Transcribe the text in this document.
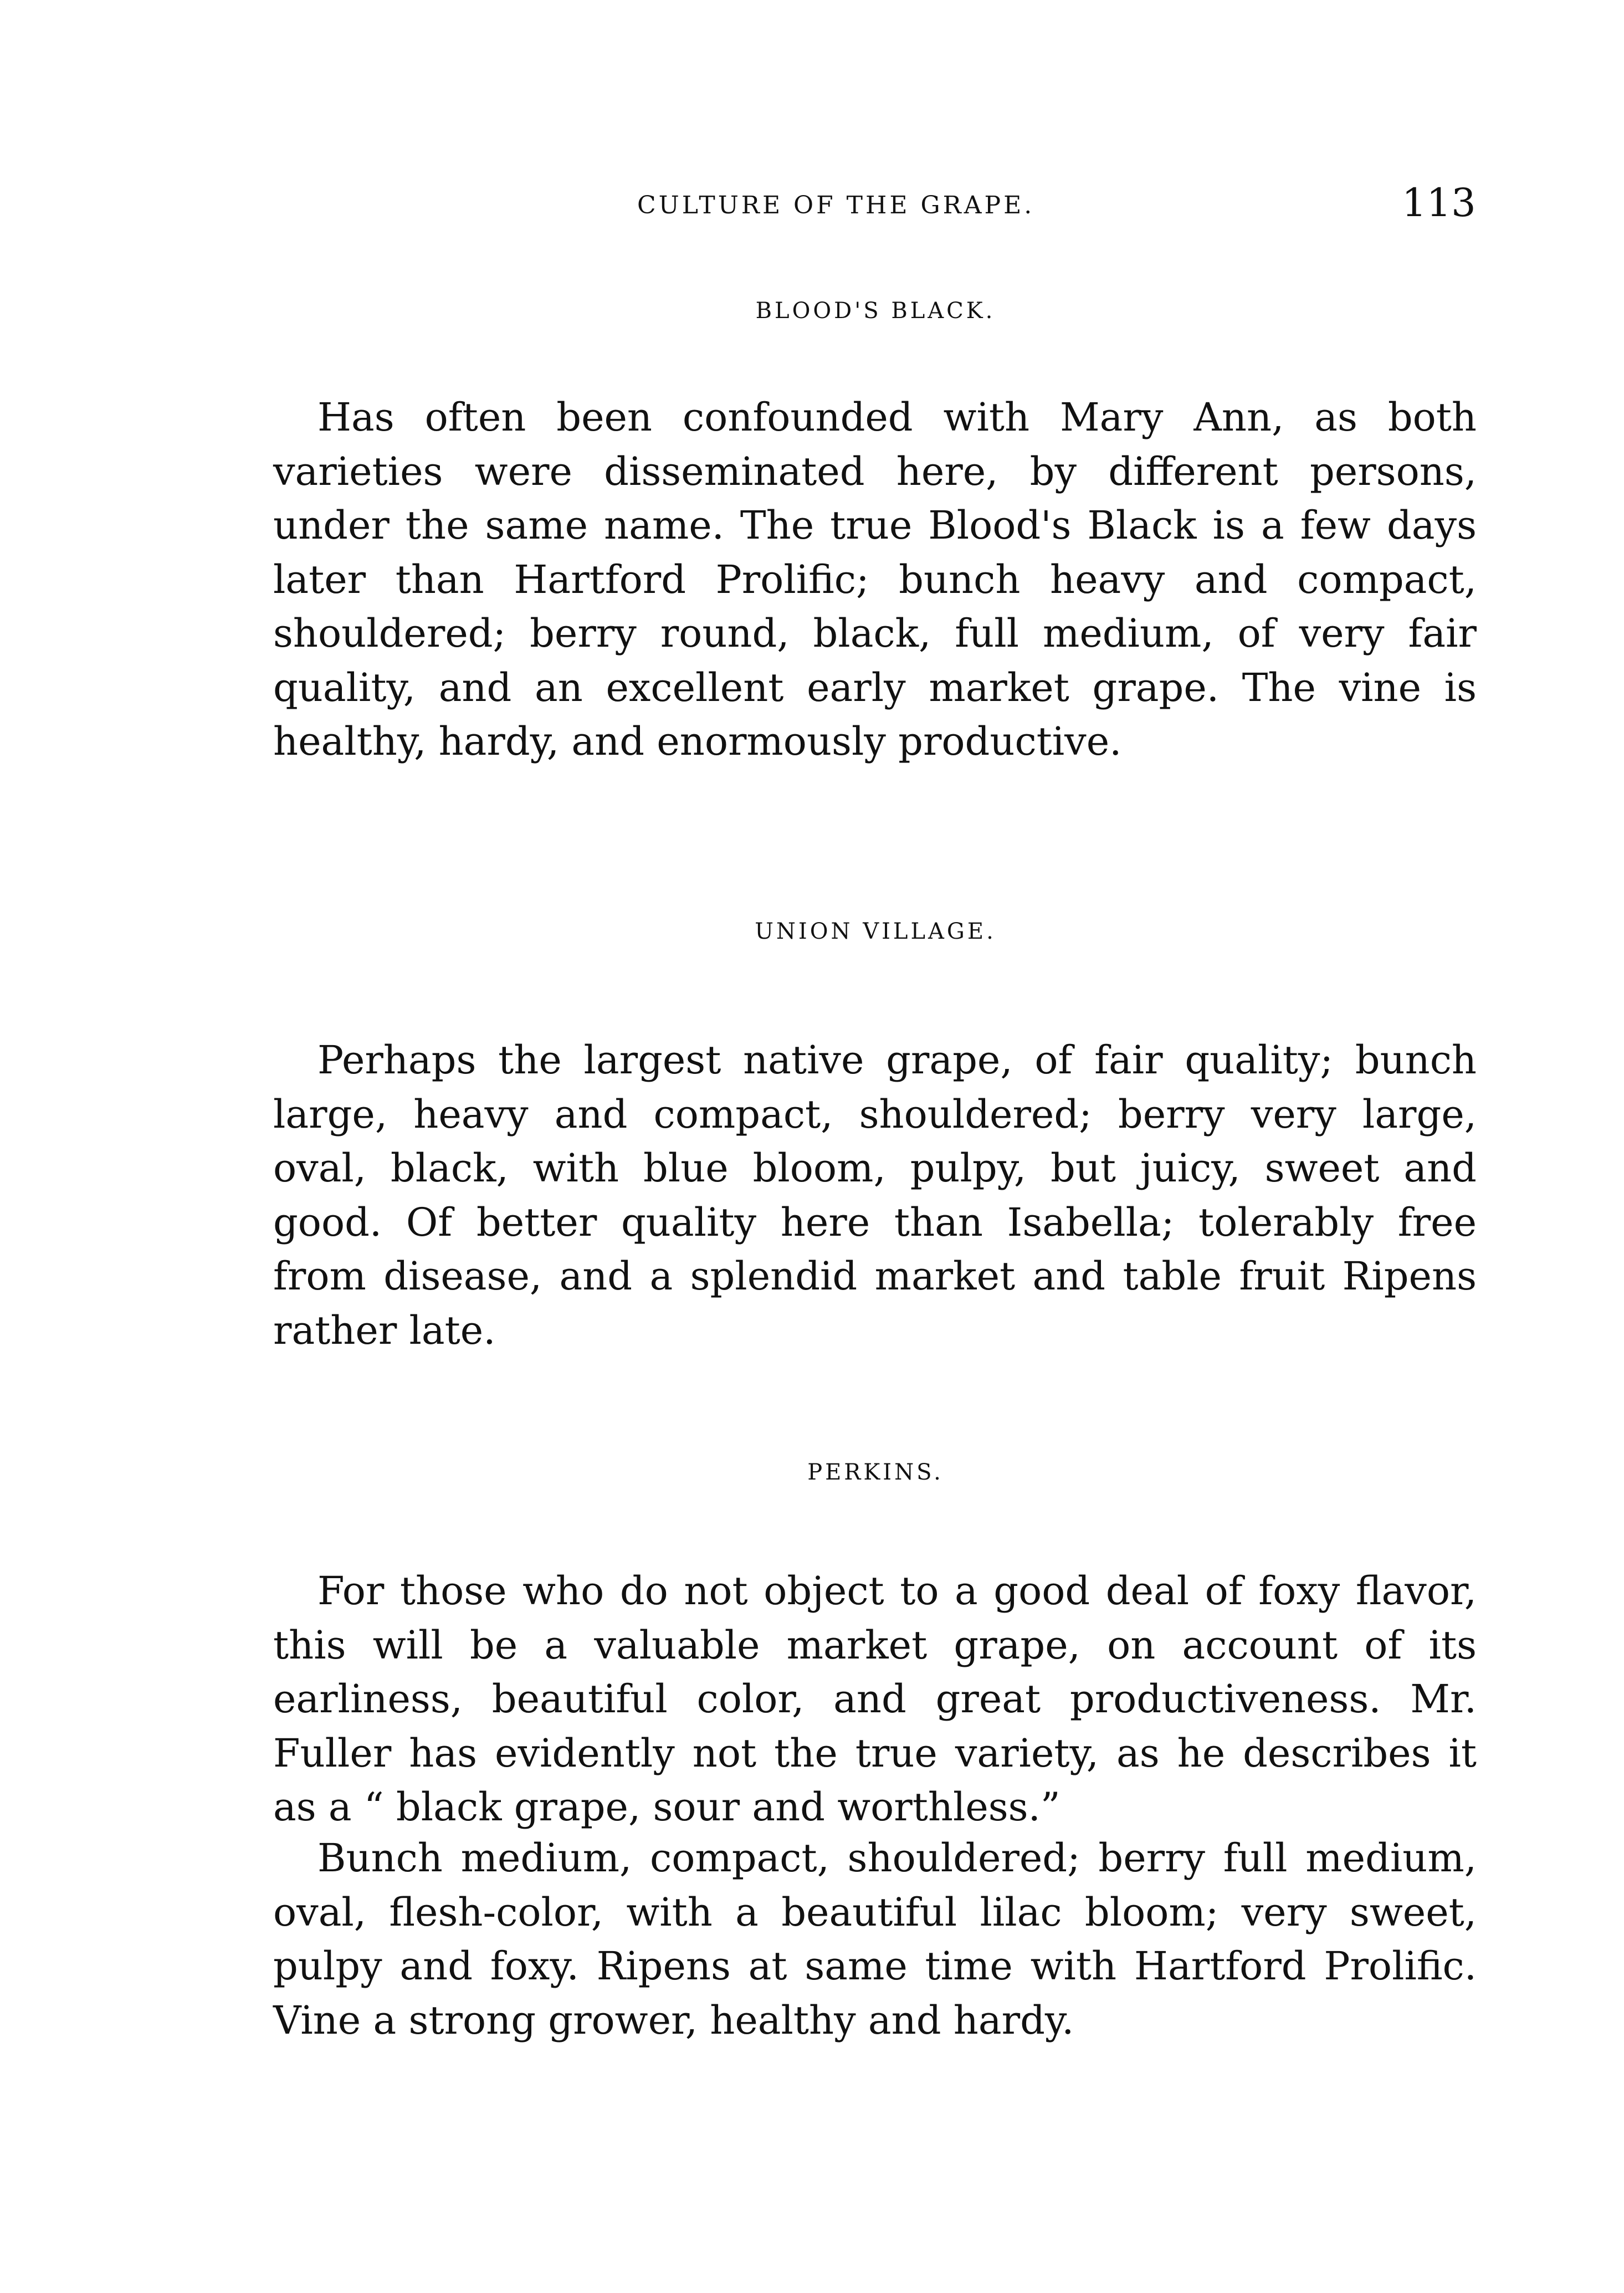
CULTURE OF THE GRAPE.	113
BLOOD'S BLACK.

Has often been confounded with Mary Ann, as both varieties were disseminated here, by different persons, under the same name. The true Blood's Black is a few days later than Hartford Prolific; bunch heavy and compact, shouldered; berry round, black, full medium, of very fair quality, and an excellent early market grape. The vine is healthy, hardy, and enormously productive.

UNION VILLAGE.

Perhaps the largest native grape, of fair quality; bunch large, heavy and compact, shouldered; berry very large, oval, black, with blue bloom, pulpy, but juicy, sweet and good. Of better quality here than Isabella; tolerably free from disease, and a splendid market and table fruit Ripens rather late.

PERKINS.

For those who do not object to a good deal of foxy flavor, this will be a valuable market grape, on account of its earliness, beautiful color, and great productiveness. Mr. Fuller has evidently not the true variety, as he describes it as a “ black grape, sour and worthless.”

Bunch medium, compact, shouldered; berry full medium, oval, flesh-color, with a beautiful lilac bloom; very sweet, pulpy and foxy. Ripens at same time with Hartford Prolific. Vine a strong grower, healthy and hardy.
